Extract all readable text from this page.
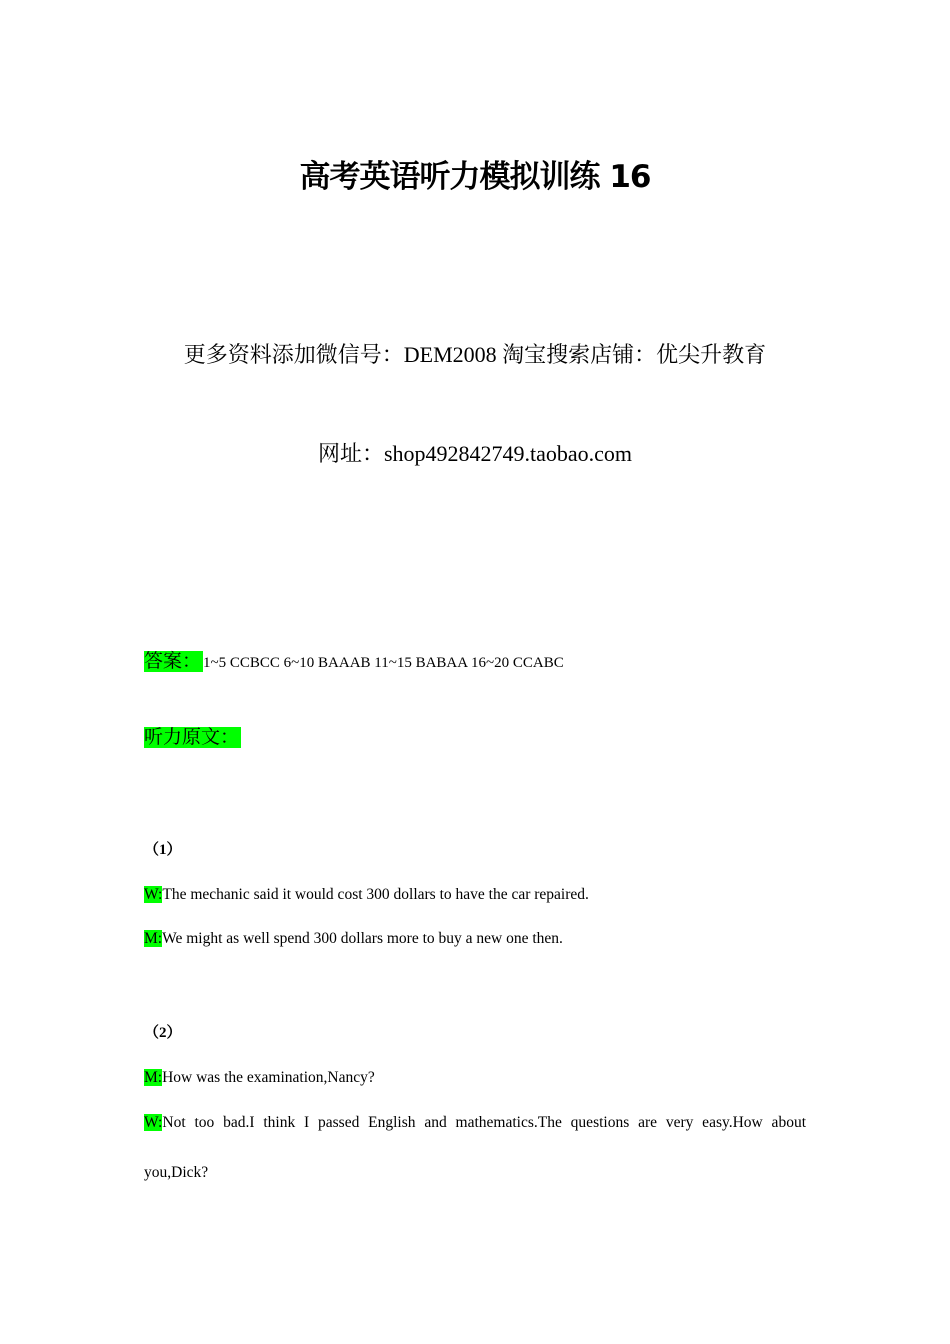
高考英语听力模拟训练 16
更多资料添加微信号：DEM2008 淘宝搜索店铺：优尖升教育
网址：shop492842749.taobao.com
答案： 1~5 CCBCC 6~10 BAAAB 11~15 BABAA 16~20 CCABC
听力原文：
（1）
W:The mechanic said it would cost 300 dollars to have the car repaired.
M:We might as well spend 300 dollars more to buy a new one then.
（2）
M:How was the examination,Nancy?
W:Not too bad.I think I passed English and mathematics.The questions are very easy.How about
you,Dick?
